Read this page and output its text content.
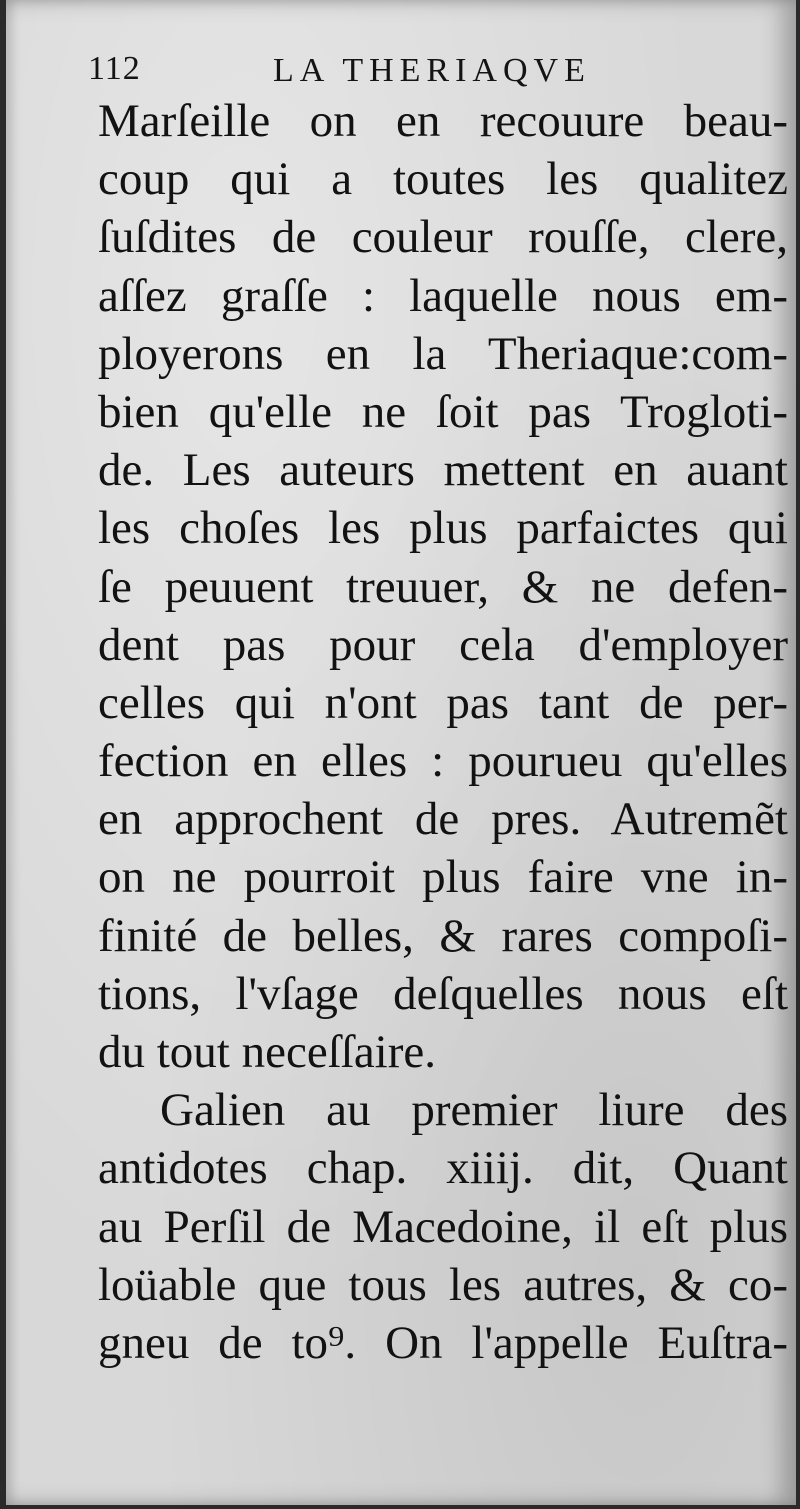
112	LA THERIAQVE
Marſeille on en recouure beau-
coup qui a toutes les qualitez
ſuſdites de couleur rouſſe, clere,
aſſez graſſe : laquelle nous em-
ployerons en la Theriaque:com-
bien qu'elle ne ſoit pas Trogloti-
de. Les auteurs mettent en auant
les choſes les plus parfaictes qui
ſe peuuent treuuer, & ne defen-
dent pas pour cela d'employer
celles qui n'ont pas tant de per-
fection en elles : pourueu qu'elles
en approchent de pres. Autremẽt
on ne pourroit plus faire vne in-
finité de belles, & rares compoſi-
tions, l'vſage deſquelles nous eſt
du tout neceſſaire.
Galien au premier liure des
antidotes chap. xiiij. dit, Quant
au Perſil de Macedoine, il eſt plus
loüable que tous les autres, & co-
gneu de to⁹. On l'appelle Euſtra-
